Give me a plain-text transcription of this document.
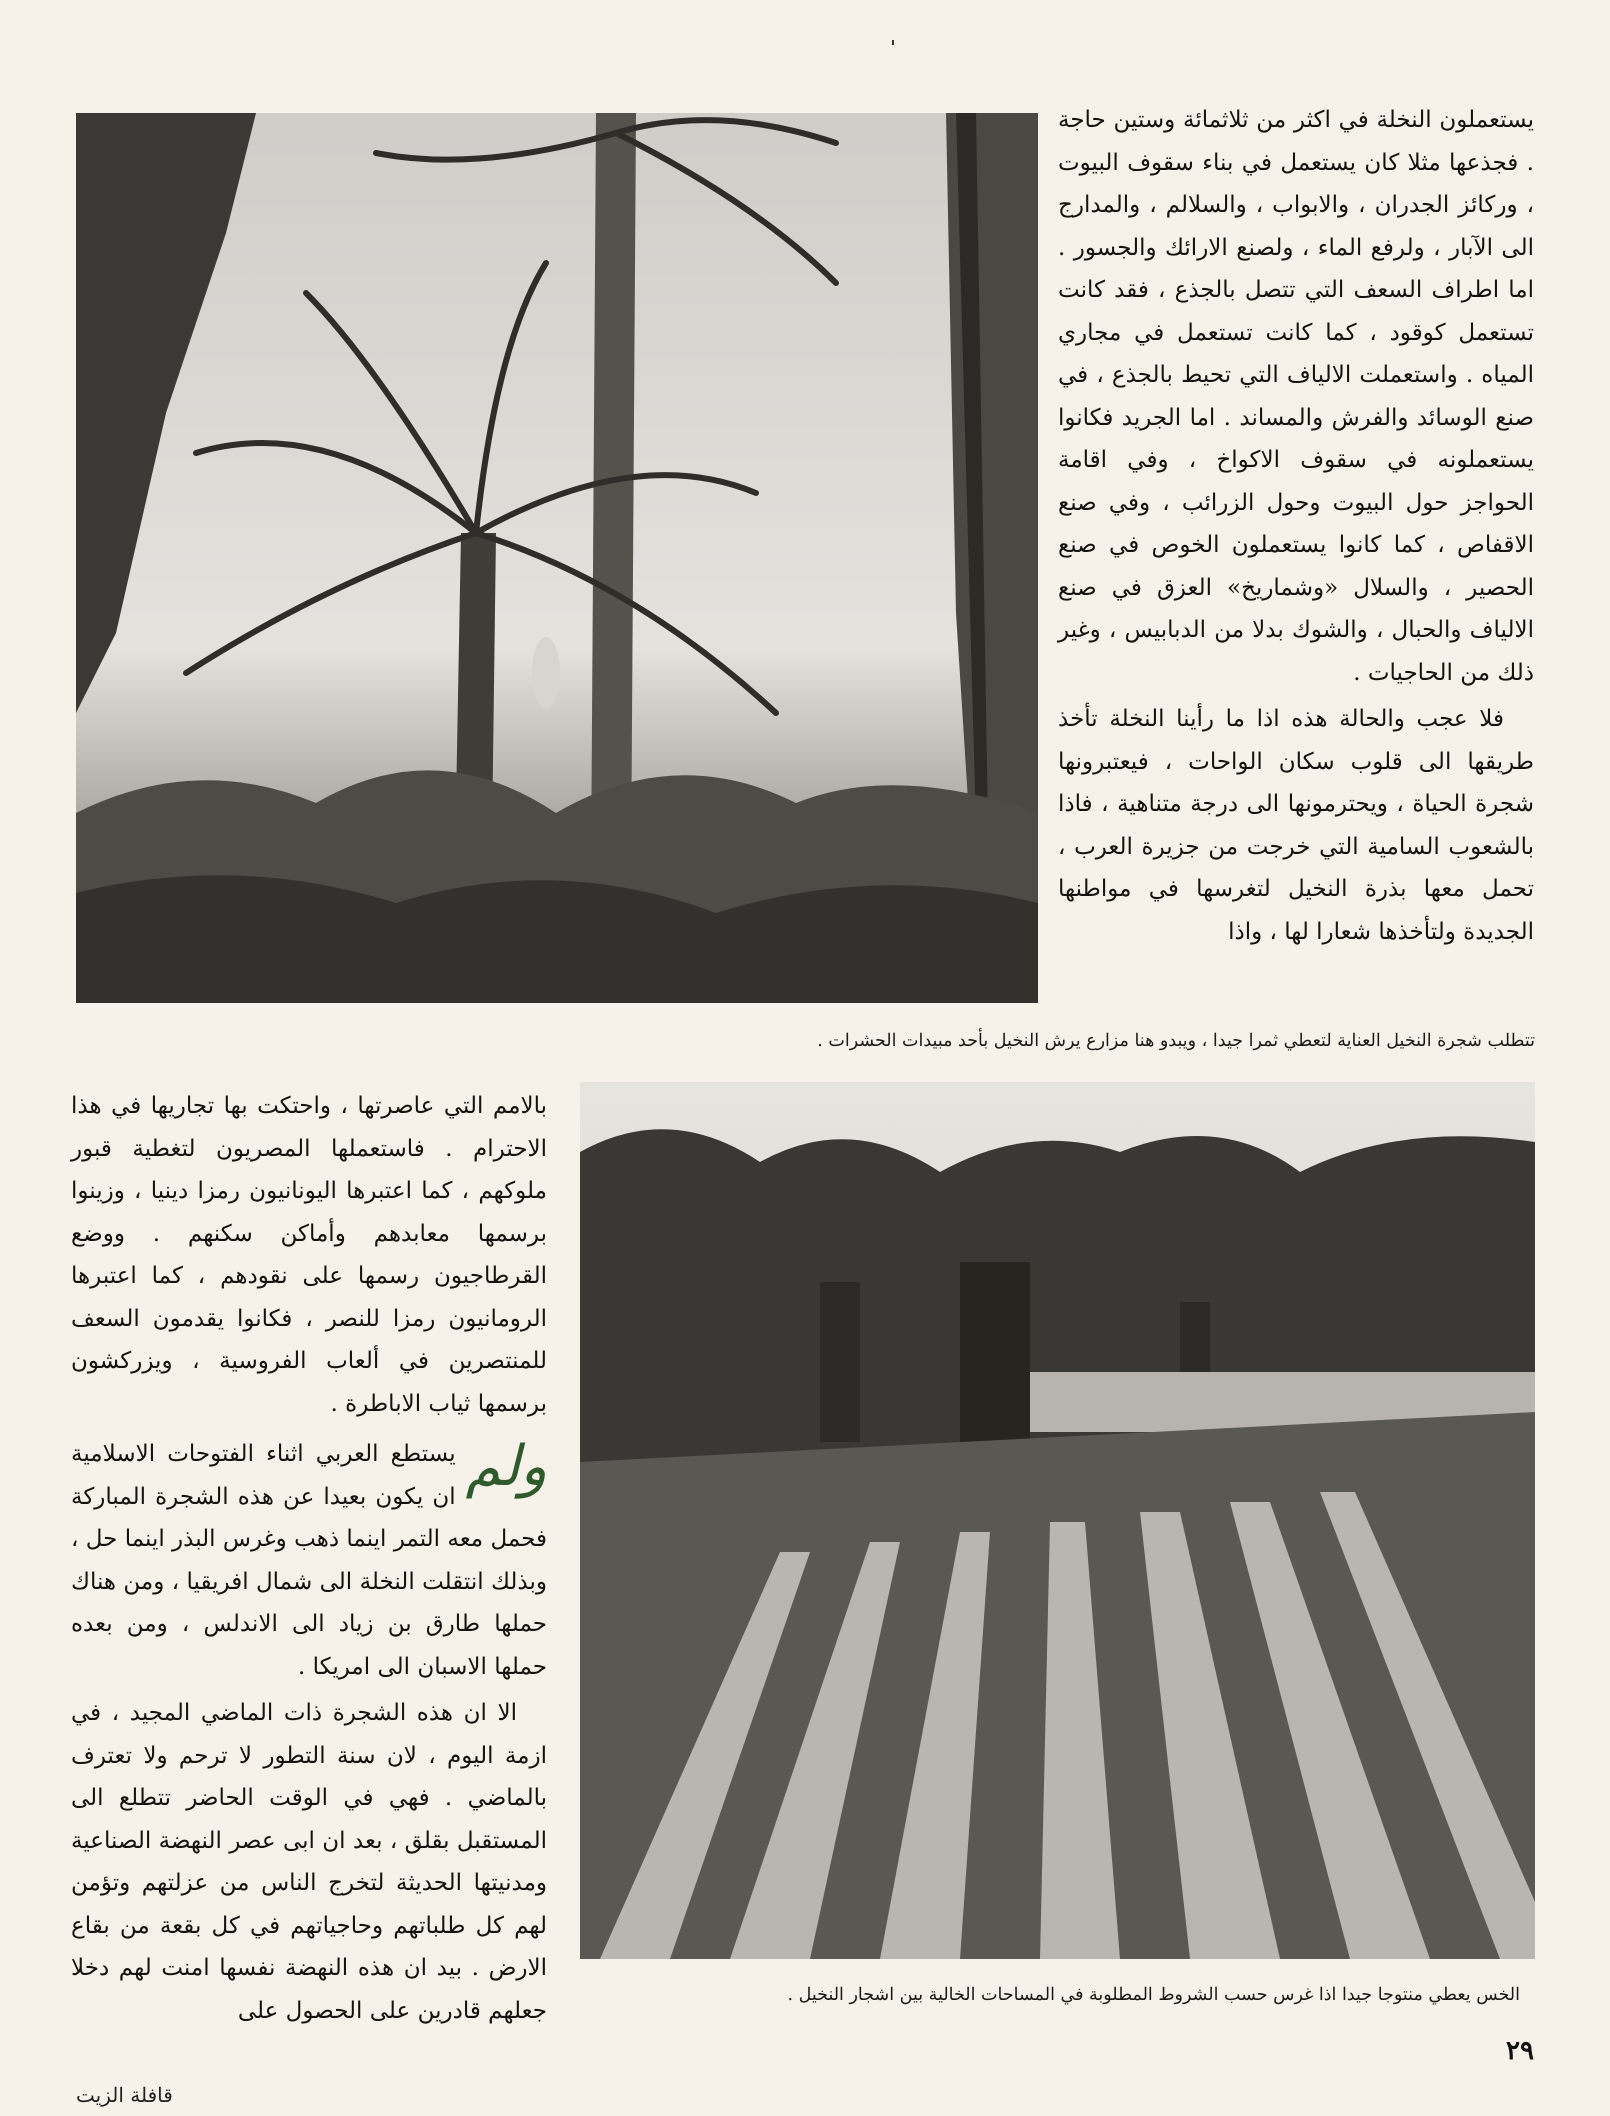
يستعملون النخلة في اكثر من ثلاثمائة وستين حاجة . فجذعها مثلا كان يستعمل في بناء سقوف البيوت ، وركائز الجدران ، والابواب ، والسلالم ، والمدارج الى الآبار ، ولرفع الماء ، ولصنع الارائك والجسور . اما اطراف السعف التي تتصل بالجذع ، فقد كانت تستعمل كوقود ، كما كانت تستعمل في مجاري المياه . واستعملت الالياف التي تحيط بالجذع ، في صنع الوسائد والفرش والمساند . اما الجريد فكانوا يستعملونه في سقوف الاكواخ ، وفي اقامة الحواجز حول البيوت وحول الزرائب ، وفي صنع الاقفاص ، كما كانوا يستعملون الخوص في صنع الحصير ، والسلال «وشماريخ» العزق في صنع الالياف والحبال ، والشوك بدلا من الدبابيس ، وغير ذلك من الحاجيات .

فلا عجب والحالة هذه اذا ما رأينا النخلة تأخذ طريقها الى قلوب سكان الواحات ، فيعتبرونها شجرة الحياة ، ويحترمونها الى درجة متناهية ، فاذا بالشعوب السامية التي خرجت من جزيرة العرب ، تحمل معها بذرة النخيل لتغرسها في مواطنها الجديدة ولتأخذها شعارا لها ، واذا

تتطلب شجرة النخيل العناية لتعطي ثمرا جيدا ، ويبدو هنا مزارع يرش النخيل بأحد مبيدات الحشرات .

بالامم التي عاصرتها ، واحتكت بها تجاريها في هذا الاحترام . فاستعملها المصريون لتغطية قبور ملوكهم ، كما اعتبرها اليونانيون رمزا دينيا ، وزينوا برسمها معابدهم وأماكن سكنهم . ووضع القرطاجيون رسمها على نقودهم ، كما اعتبرها الرومانيون رمزا للنصر ، فكانوا يقدمون السعف للمنتصرين في ألعاب الفروسية ، ويزركشون برسمها ثياب الاباطرة .

ولم
يستطع العربي اثناء الفتوحات الاسلامية ان يكون بعيدا عن هذه الشجرة المباركة فحمل معه التمر اينما ذهب وغرس البذر اينما حل ، وبذلك انتقلت النخلة الى شمال افريقيا ، ومن هناك حملها طارق بن زياد الى الاندلس ، ومن بعده حملها الاسبان الى امريكا .

الا ان هذه الشجرة ذات الماضي المجيد ، في ازمة اليوم ، لان سنة التطور لا ترحم ولا تعترف بالماضي . فهي في الوقت الحاضر تتطلع الى المستقبل بقلق ، بعد ان ابى عصر النهضة الصناعية ومدنيتها الحديثة لتخرج الناس من عزلتهم وتؤمن لهم كل طلباتهم وحاجياتهم في كل بقعة من بقاع الارض . بيد ان هذه النهضة نفسها امنت لهم دخلا جعلهم قادرين على الحصول على

الخس يعطي منتوجا جيدا اذا غرس حسب الشروط المطلوبة في المساحات الخالية بين اشجار النخيل .
٢٩
قافلة الزيت
